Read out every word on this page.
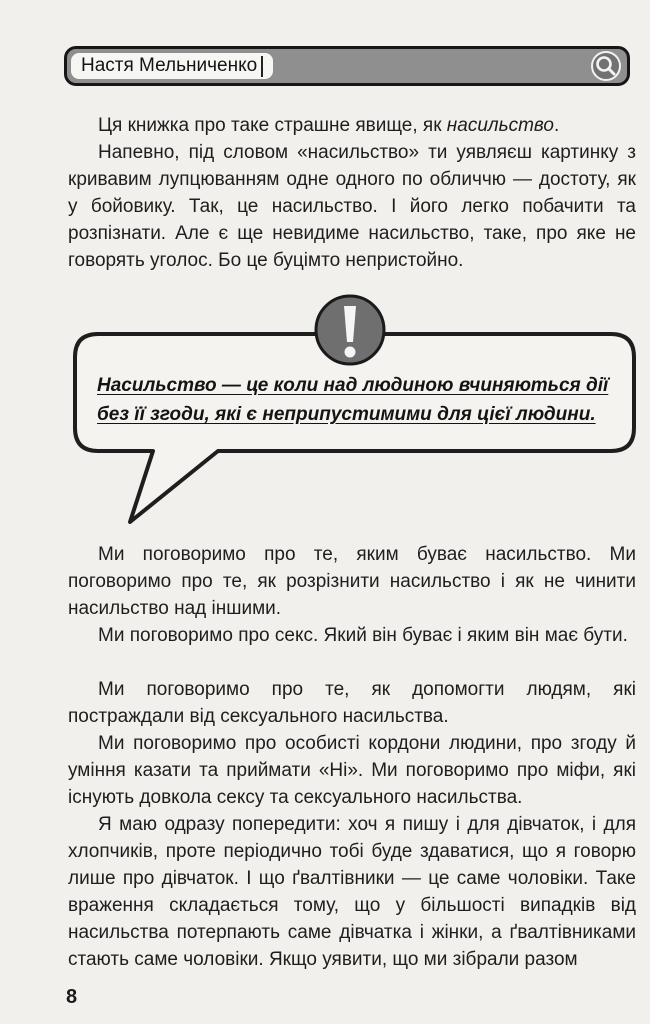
Настя Мельниченко

Ця книжка про таке страшне явище, як насильство.

Напевно, під словом «насильство» ти уявляєш картинку з кривавим лупцюванням одне одного по обличчю — достоту, як у бойовику. Так, це насильство. І його легко побачити та розпізнати. Але є ще невидиме насильство, таке, про яке не говорять уголос. Бо це буцімто непристойно.

Насильство — це коли над людиною вчиняються дії без її згоди, які є неприпустимими для цієї людини.

Ми поговоримо про те, яким буває насильство. Ми поговоримо про те, як розрізнити насильство і як не чинити насильство над іншими.

Ми поговоримо про секс. Який він буває і яким він має бути.

Ми поговоримо про те, як допомогти людям, які постраждали від сексуального насильства.

Ми поговоримо про особисті кордони людини, про згоду й уміння казати та приймати «Ні». Ми поговоримо про міфи, які існують довкола сексу та сексуального насильства.

Я маю одразу попередити: хоч я пишу і для дівчаток, і для хлопчиків, проте періодично тобі буде здаватися, що я говорю лише про дівчаток. І що ґвалтівники — це саме чоловіки. Таке враження складається тому, що у більшості випадків від насильства потерпають саме дівчатка і жінки, а ґвалтівниками стають саме чоловіки. Якщо уявити, що ми зібрали разом

8
